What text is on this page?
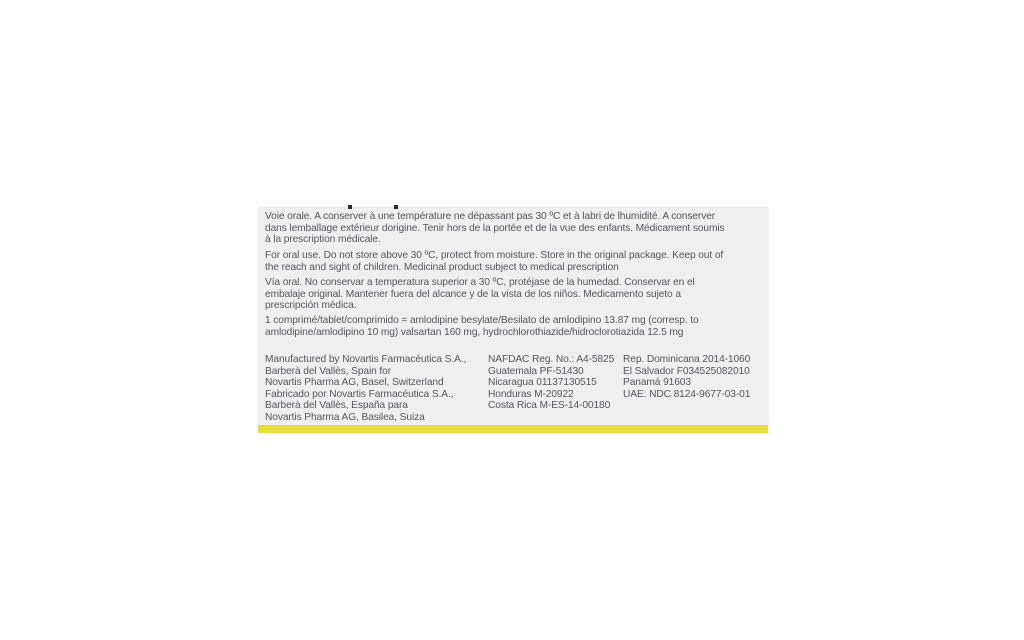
Voie orale. A conserver à une température ne dépassant pas 30 ºC et à labri de lhumidité. A conserver
dans lemballage extérieur dorigine. Tenir hors de la portée et de la vue des enfants. Médicament soumis
à la prescription médicale.
For oral use. Do not store above 30 ºC, protect from moisture. Store in the original package. Keep out of
the reach and sight of children. Medicinal product subject to medical prescription
Vía oral. No conservar a temperatura superior a 30 ºC, protéjase de la humedad. Conservar en el
embalaje original. Mantener fuera del alcance y de la vista de los niños. Medicamento sujeto a
prescripción médica.
1 comprimé/tablet/comprimido = amlodipine besylate/Besilato de amlodipino 13.87 mg (corresp. to
amlodipine/amlodipino 10 mg) valsartan 160 mg, hydrochlorothiazide/hidroclorotiazida 12.5 mg
Manufactured by Novartis Farmacéutica S.A.,
Barberà del Vallès, Spain for
Novartis Pharma AG, Basel, Switzerland
Fabricado por Novartis Farmacéutica S.A.,
Barberà del Vallès, España para
Novartis Pharma AG, Basilea, Suiza
NAFDAC Reg. No.: A4-5825
Guatemala PF-51430
Nicaragua 01137130515
Honduras M-20922
Costa Rica M-ES-14-00180
Rep. Dominicana 2014-1060
El Salvador F034525082010
Panamá 91603
UAE: NDC 8124-9677-03-01
